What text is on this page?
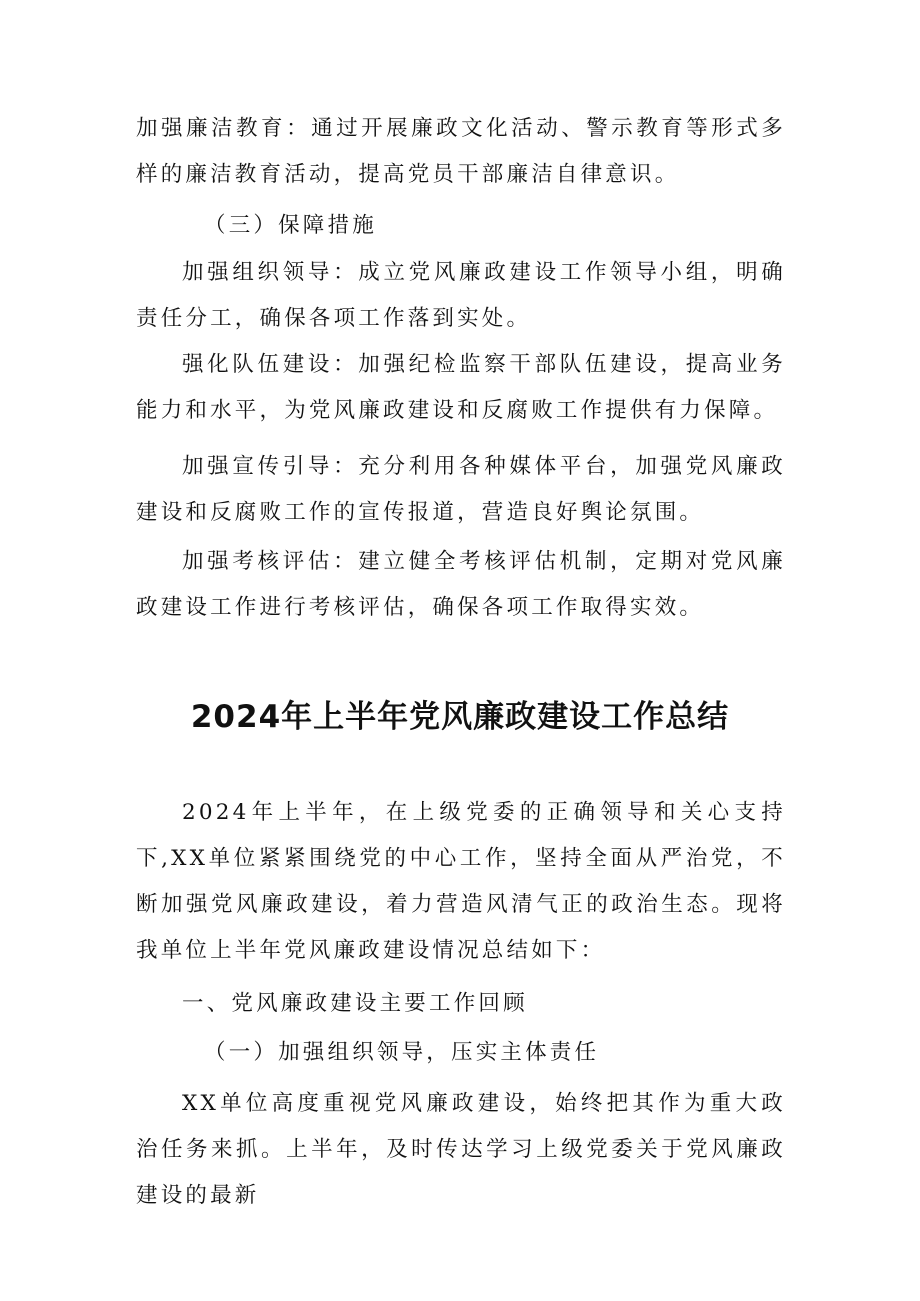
加强廉洁教育：通过开展廉政文化活动、警示教育等形式多样的廉洁教育活动，提高党员干部廉洁自律意识。

（三）保障措施

加强组织领导：成立党风廉政建设工作领导小组，明确责任分工，确保各项工作落到实处。

强化队伍建设：加强纪检监察干部队伍建设，提高业务能力和水平，为党风廉政建设和反腐败工作提供有力保障。

加强宣传引导：充分利用各种媒体平台，加强党风廉政建设和反腐败工作的宣传报道，营造良好舆论氛围。

加强考核评估：建立健全考核评估机制，定期对党风廉政建设工作进行考核评估，确保各项工作取得实效。

2024年上半年党风廉政建设工作总结

2024年上半年，在上级党委的正确领导和关心支持下,XX单位紧紧围绕党的中心工作，坚持全面从严治党，不断加强党风廉政建设，着力营造风清气正的政治生态。现将我单位上半年党风廉政建设情况总结如下：

一、党风廉政建设主要工作回顾

（一）加强组织领导，压实主体责任

XX单位高度重视党风廉政建设，始终把其作为重大政治任务来抓。上半年，及时传达学习上级党委关于党风廉政建设的最新
